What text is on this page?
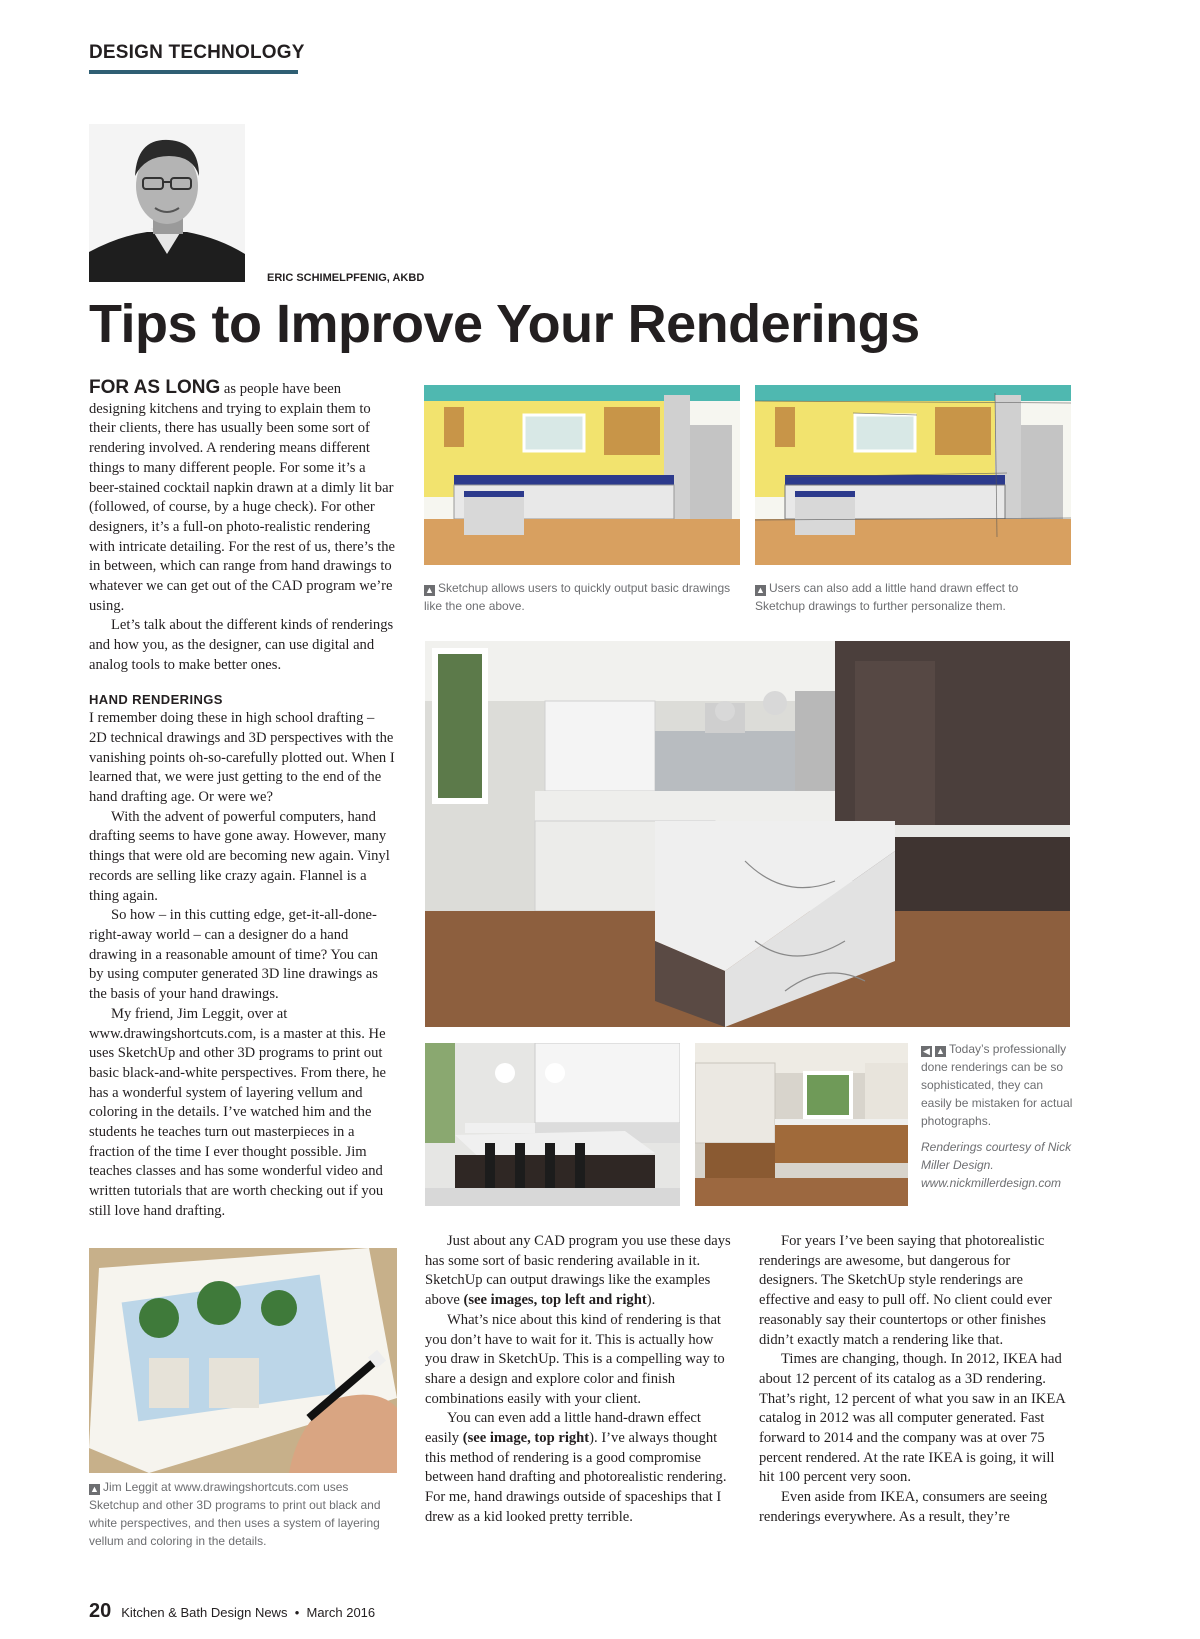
DESIGN TECHNOLOGY
ERIC SCHIMELPFENIG, AKBD
Tips to Improve Your Renderings

FOR AS LONG as people have been designing kitchens and trying to explain them to their clients, there has usually been some sort of rendering involved. A rendering means different things to many different people. For some it’s a beer-stained cocktail napkin drawn at a dimly lit bar (followed, of course, by a huge check). For other designers, it’s a full-on photo-realistic rendering with intricate detailing. For the rest of us, there’s the in between, which can range from hand drawings to whatever we can get out of the CAD program we’re using.

Let’s talk about the different kinds of renderings and how you, as the designer, can use digital and analog tools to make better ones.

HAND RENDERINGS

I remember doing these in high school drafting – 2D technical drawings and 3D perspectives with the vanishing points oh-so-carefully plotted out. When I learned that, we were just getting to the end of the hand drafting age. Or were we?

With the advent of powerful computers, hand drafting seems to have gone away. However, many things that were old are becoming new again. Vinyl records are selling like crazy again. Flannel is a thing again.

So how – in this cutting edge, get-it-all-done-right-away world – can a designer do a hand drawing in a reasonable amount of time? You can by using computer generated 3D line drawings as the basis of your hand drawings.

My friend, Jim Leggit, over at www.drawingshortcuts.com, is a master at this. He uses SketchUp and other 3D programs to print out basic black-and-white perspectives. From there, he has a wonderful system of layering vellum and coloring in the details. I’ve watched him and the students he teaches turn out masterpieces in a fraction of the time I ever thought possible. Jim teaches classes and has some wonderful video and written tutorials that are worth checking out if you still love hand drafting.

▲ Sketchup allows users to quickly output basic drawings like the one above.
▲ Users can also add a little hand drawn effect to Sketchup drawings to further personalize them.
◀ ▲ Today’s professionally done renderings can be so sophisticated, they can easily be mistaken for actual photographs.
Renderings courtesy of Nick Miller Design. www.nickmillerdesign.com
▲ Jim Leggit at www.drawingshortcuts.com uses Sketchup and other 3D programs to print out black and white perspectives, and then uses a system of layering vellum and coloring in the details.

Just about any CAD program you use these days has some sort of basic rendering available in it. SketchUp can output drawings like the examples above (see images, top left and right).

What’s nice about this kind of rendering is that you don’t have to wait for it. This is actually how you draw in SketchUp. This is a compelling way to share a design and explore color and finish combinations easily with your client.

You can even add a little hand-drawn effect easily (see image, top right). I’ve always thought this method of rendering is a good compromise between hand drafting and photorealistic rendering. For me, hand drawings outside of spaceships that I drew as a kid looked pretty terrible.

For years I’ve been saying that photorealistic renderings are awesome, but dangerous for designers. The SketchUp style renderings are effective and easy to pull off. No client could ever reasonably say their countertops or other finishes didn’t exactly match a rendering like that.

Times are changing, though. In 2012, IKEA had about 12 percent of its catalog as a 3D rendering. That’s right, 12 percent of what you saw in an IKEA catalog in 2012 was all computer generated. Fast forward to 2014 and the company was at over 75 percent rendered. At the rate IKEA is going, it will hit 100 percent very soon.

Even aside from IKEA, consumers are seeing renderings everywhere. As a result, they’re

20 Kitchen & Bath Design News • March 2016
